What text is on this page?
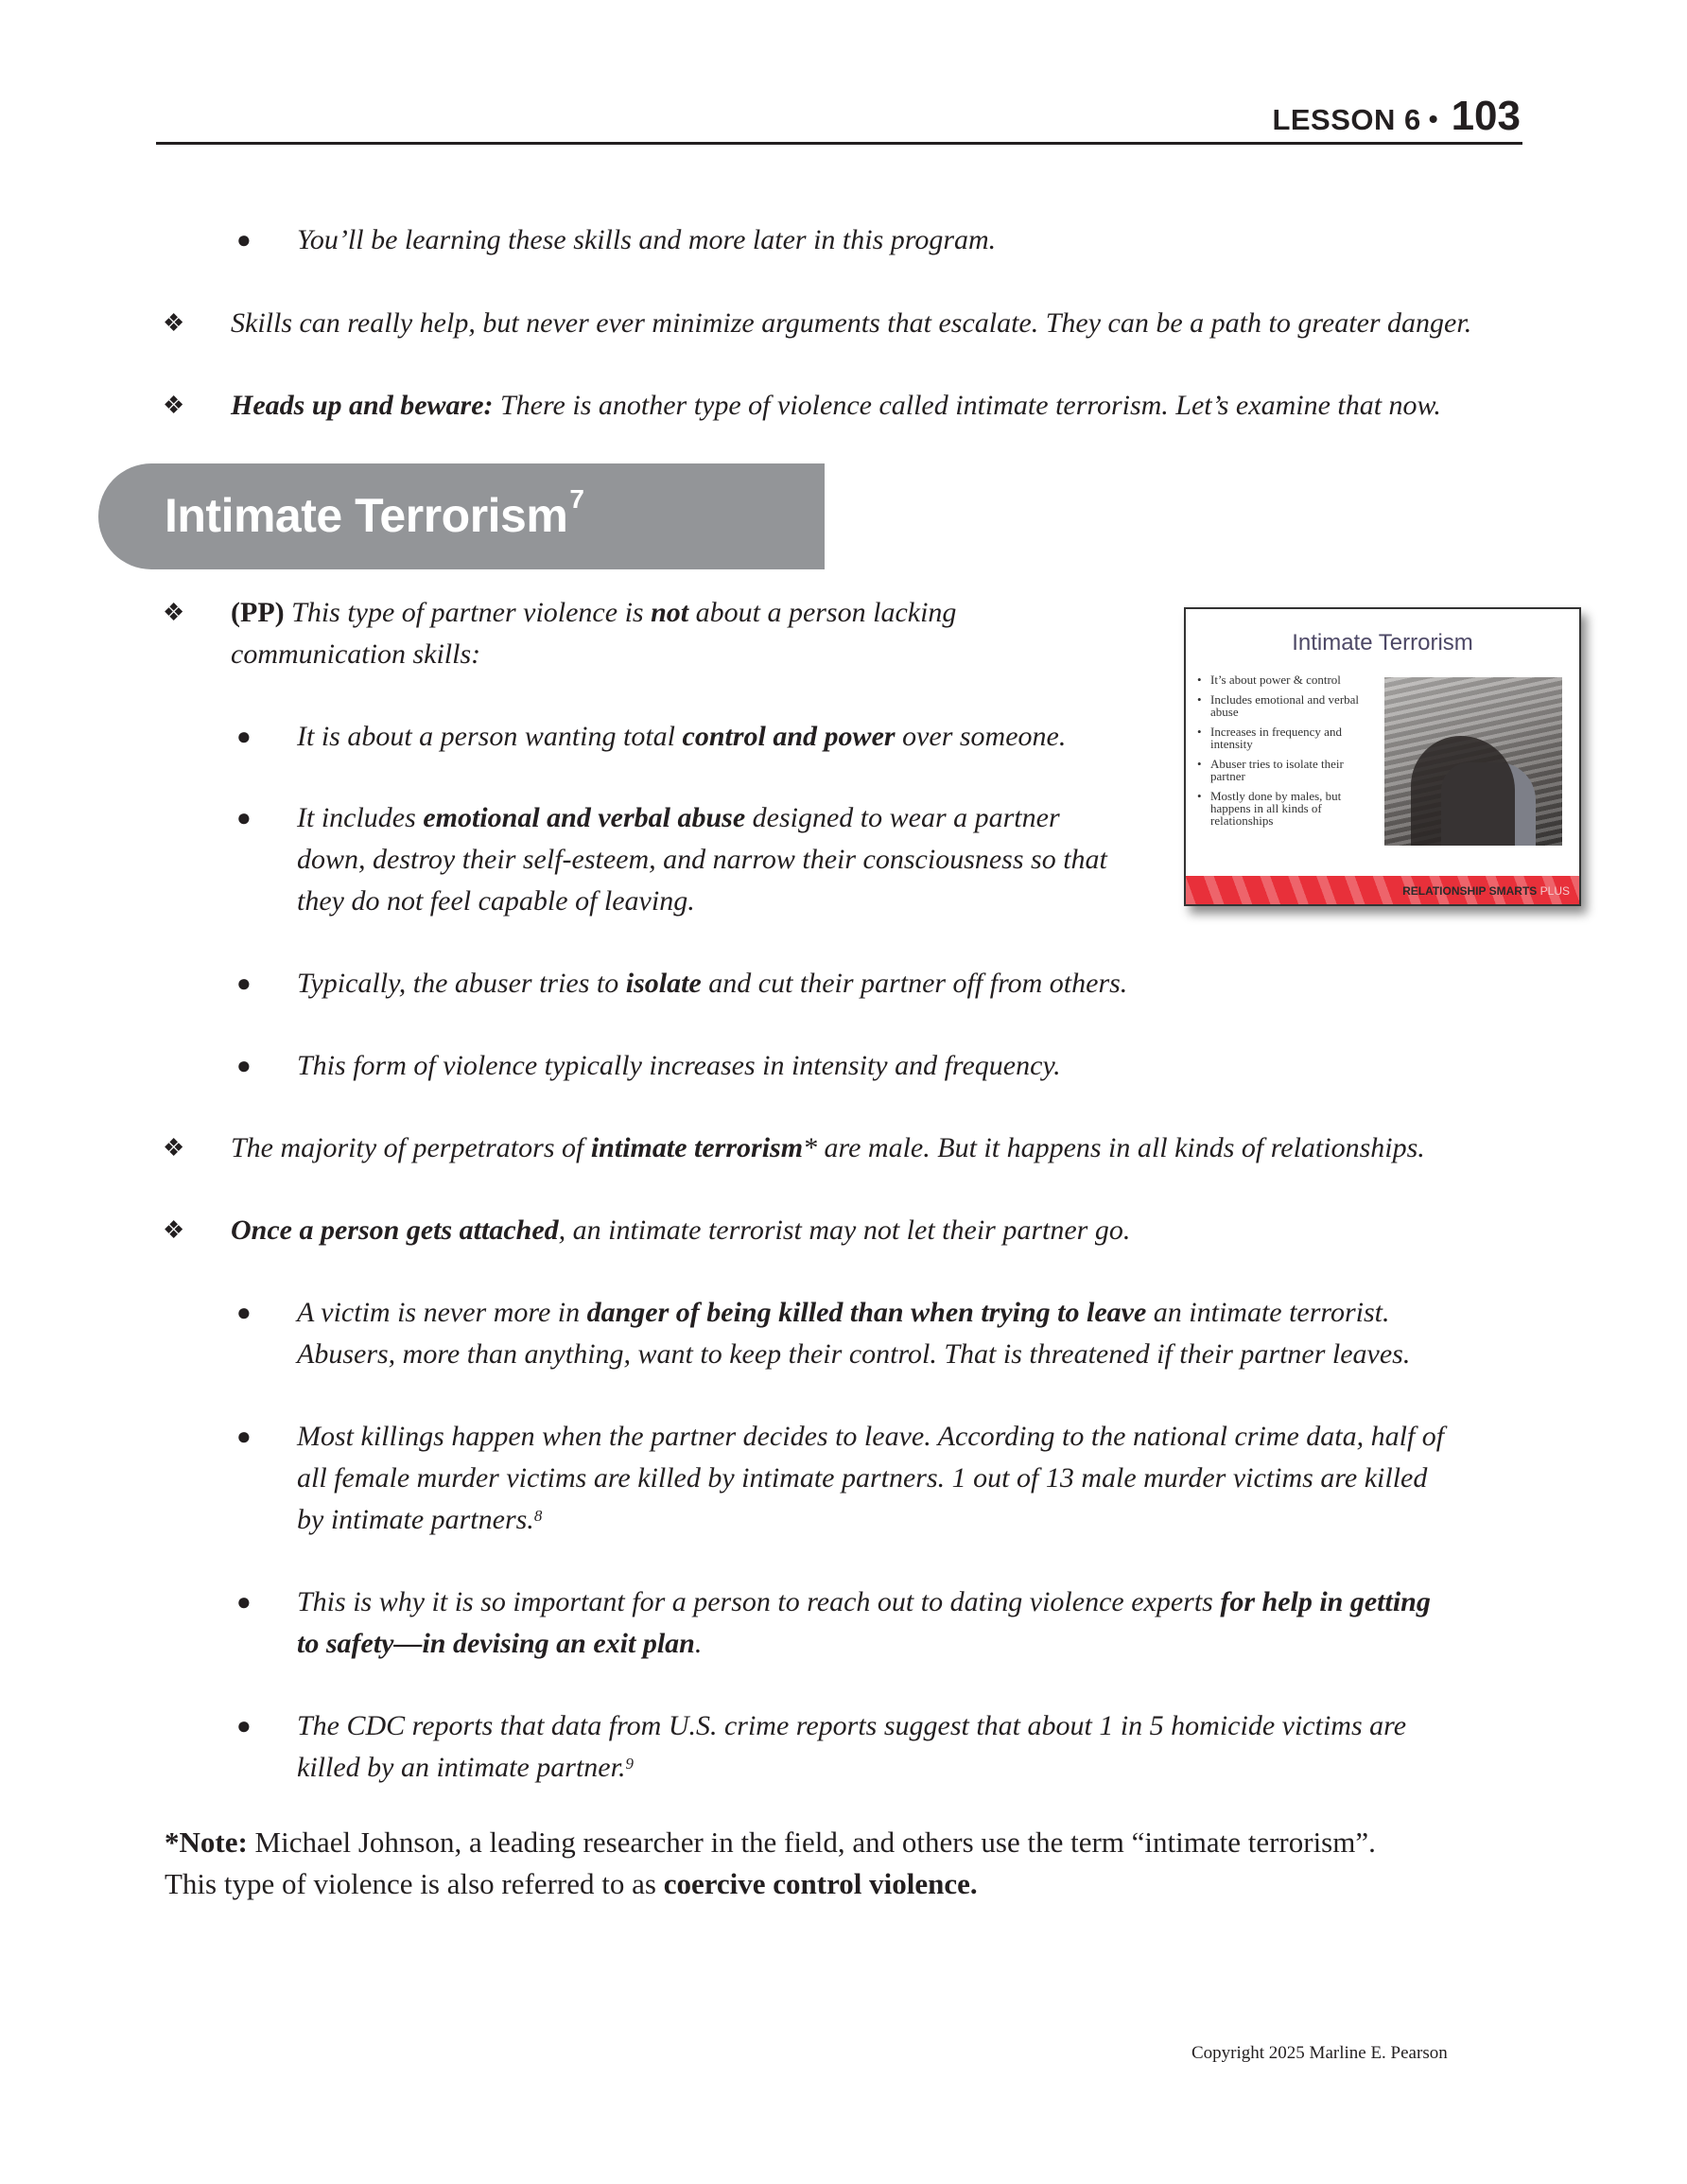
LESSON 6 • 103
● You’ll be learning these skills and more later in this program.
❖ Skills can really help, but never ever minimize arguments that escalate. They can be a path to greater danger.
❖ Heads up and beware: There is another type of violence called intimate terrorism. Let’s examine that now.
Intimate Terrorism$^7$
❖ (PP) This type of partner violence is not about a person lacking
communication skills:
● It is about a person wanting total control and power over someone.
● It includes emotional and verbal abuse designed to wear a partner
down, destroy their self-esteem, and narrow their consciousness so that
they do not feel capable of leaving.
● Typically, the abuser tries to isolate and cut their partner off from others.
● This form of violence typically increases in intensity and frequency.
❖ The majority of perpetrators of intimate terrorism* are male. But it happens in all kinds of relationships.
❖ Once a person gets attached, an intimate terrorist may not let their partner go.
● A victim is never more in danger of being killed than when trying to leave an intimate terrorist.
Abusers, more than anything, want to keep their control. That is threatened if their partner leaves.
● Most killings happen when the partner decides to leave. According to the national crime data, half of
all female murder victims are killed by intimate partners. 1 out of 13 male murder victims are killed
by intimate partners.$^8$
● This is why it is so important for a person to reach out to dating violence experts for help in getting
to safety—in devising an exit plan.
● The CDC reports that data from U.S. crime reports suggest that about 1 in 5 homicide victims are
killed by an intimate partner.$^9$
Intimate Terrorism
• It’s about power & control
• Includes emotional and verbal abuse
• Increases in frequency and intensity
• Abuser tries to isolate their partner
• Mostly done by males, but happens in all kinds of relationships
RELATIONSHIP SMARTS PLUS
*Note: Michael Johnson, a leading researcher in the field, and others use the term “intimate terrorism”. This type of violence is also referred to as coercive control violence.
Copyright 2025 Marline E. Pearson
